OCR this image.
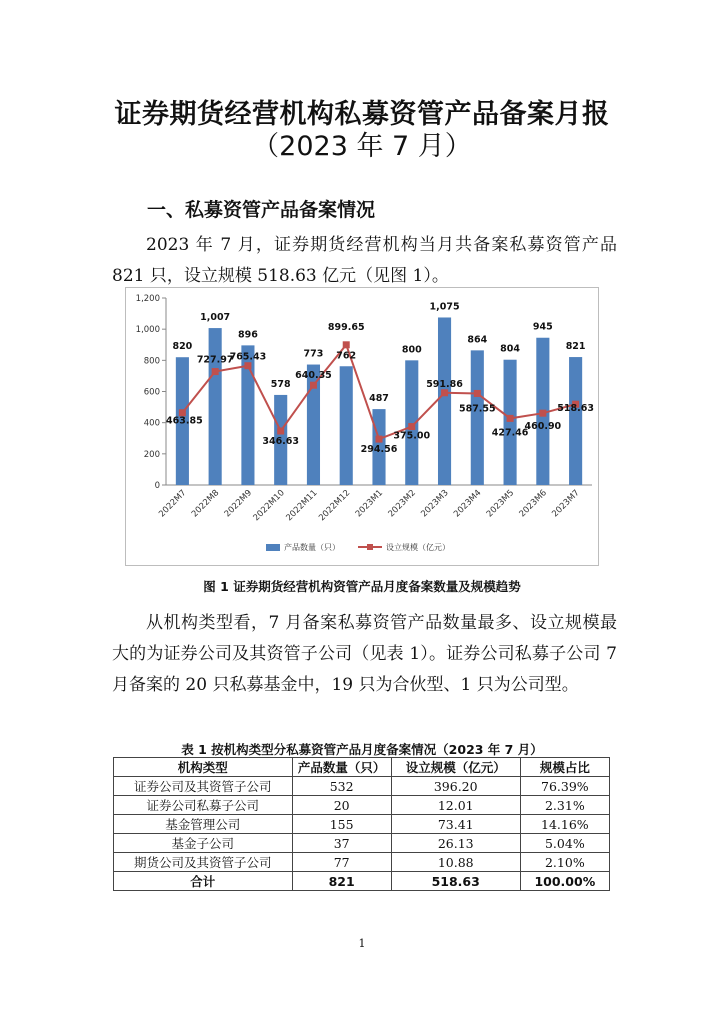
证券期货经营机构私募资管产品备案月报
（2023 年 7 月）
一、私募资管产品备案情况
2023 年 7 月，证券期货经营机构当月共备案私募资管产品 821 只，设立规模 518.63 亿元（见图 1）。
0
200
400
600
800
1,000
1,200
2022M7 2022M8 2022M9
2022M10
2022M11
2022M12 2023M1 2023M2 2023M3 2023M4 2023M5 2023M6 2023M7
820
1,007
896
578
773 762
487
800
1,075
864
804
945
821
463.85
727.97
765.43
346.63
640.35
899.65
294.56
375.00
591.86
587.55
427.46
460.90
518.63
产品数量（只）	设立规模（亿元）
图 1 证券期货经营机构资管产品月度备案数量及规模趋势
从机构类型看，7 月备案私募资管产品数量最多、设立规模最大的为证券公司及其资管子公司（见表 1）。证券公司私募子公司 7 月备案的 20 只私募基金中，19 只为合伙型、1 只为公司型。
表 1 按机构类型分私募资管产品月度备案情况（2023 年 7 月）
机构类型	产品数量（只）	设立规模（亿元）	规模占比
证券公司及其资管子公司	532	396.20	76.39%
证券公司私募子公司	20	12.01	2.31%
基金管理公司	155	73.41	14.16%
基金子公司	37	26.13	5.04%
期货公司及其资管子公司	77	10.88	2.10%
合计	821	518.63	100.00%
1
